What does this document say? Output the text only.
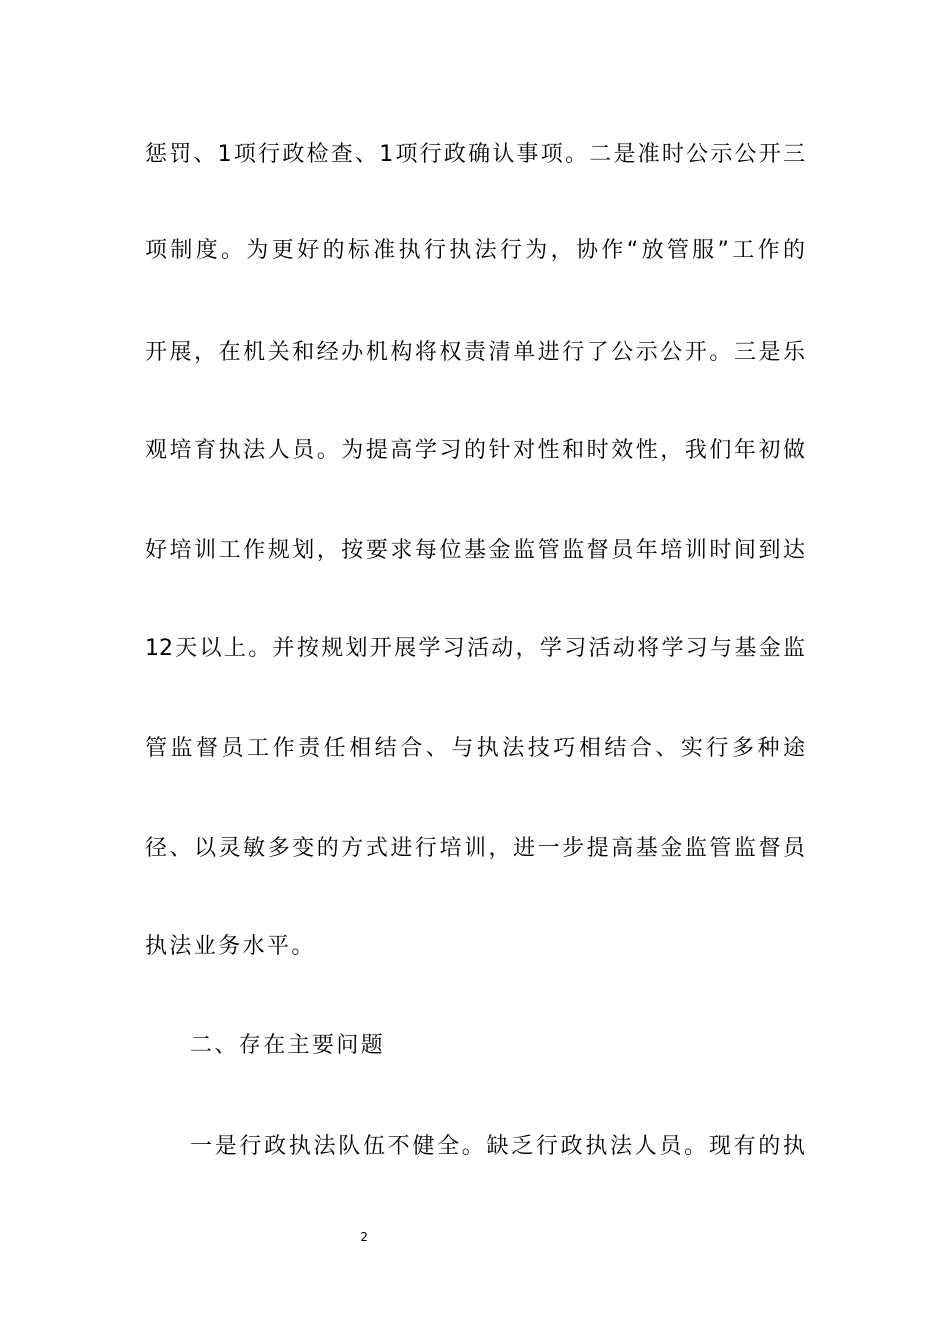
惩罚、1项行政检查、1项行政确认事项。二是准时公示公开三
项制度。为更好的标准执行执法行为，协作“放管服”工作的
开展，在机关和经办机构将权责清单进行了公示公开。三是乐
观培育执法人员。为提高学习的针对性和时效性，我们年初做
好培训工作规划，按要求每位基金监管监督员年培训时间到达
12天以上。并按规划开展学习活动，学习活动将学习与基金监
管监督员工作责任相结合、与执法技巧相结合、实行多种途
径、以灵敏多变的方式进行培训，进一步提高基金监管监督员
执法业务水平。
二、存在主要问题
一是行政执法队伍不健全。缺乏行政执法人员。现有的执
2
